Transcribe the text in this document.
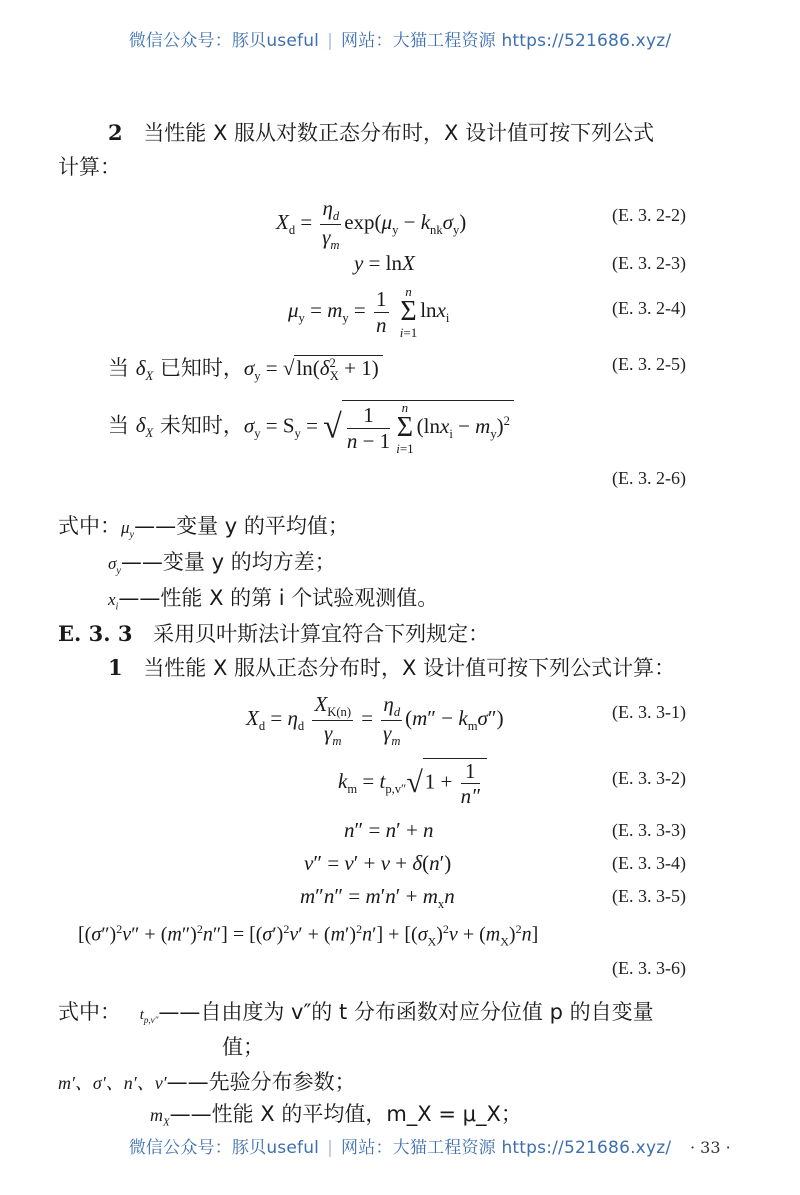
微信公众号：豚贝useful | 网站：大猫工程资源 https://521686.xyz/
2 当性能 X 服从对数正态分布时，X 设计值可按下列公式
计算：
$X_d = \frac{\eta_d}{\gamma_m} \exp(\mu_y - k_{nk}\sigma_y)$	(E. 3. 2-2)
y = lnX	(E. 3. 2-3)
$\mu_y = m_y = \frac{1}{n}$ n
Σ
i=1lnx$_i$	(E. 3. 2-4)
当 $\delta_X$ 已知时，$\sigma_y = √\ln(\delta^2_X + 1)$	(E. 3. 2-5)
当 $\delta_X$ 未知时，$\sigma_y = S_y$ = √ $\frac{1}{n - 1}$ n
Σ
$i=1(\ln x_i - m_y)^2$
(E. 3. 2-6)
式中：$\mu_y——$变量 y 的平均值；
$\sigma_y——$变量 y 的均方差；
$x_i——$性能 X 的第 i 个试验观测值。
E. 3. 3 采用贝叶斯法计算宜符合下列规定：
1 当性能 X 服从正态分布时，X 设计值可按下列公式计算：
$X_d = \eta_d \frac{X_{K(n)}}{\gamma_m} = \frac{\eta_d}{\gamma_m} (m'' - k_m\sigma'')$	(E. 3. 3-1)
$k_m = t_{p,v''}√1 + \frac{1}{n''}$	(E. 3. 3-2)
n″ = n′ + n	(E. 3. 3-3)
v″ = v′ + v + δ(n′)	(E. 3. 3-4)
$m''n'' = m'n' + m_xn$	(E. 3. 3-5)
$[(\sigma'')^2v'' + (m'')^2n''] = [(\sigma')^2v' + (m')^2n'] + [(\sigma_X)^2v + (m_X)^2n]$
(E. 3. 3-6)
式中： $t_{p,v''}——$自由度为 v″的 t 分布函数对应分位值 p 的自变量
值；
m′、σ′、n′、v′——先验分布参数；
$m_X——$性能 X 的平均值，m_X = μ_X；
微信公众号：豚贝useful | 网站：大猫工程资源 https://521686.xyz/	· 33 ·
